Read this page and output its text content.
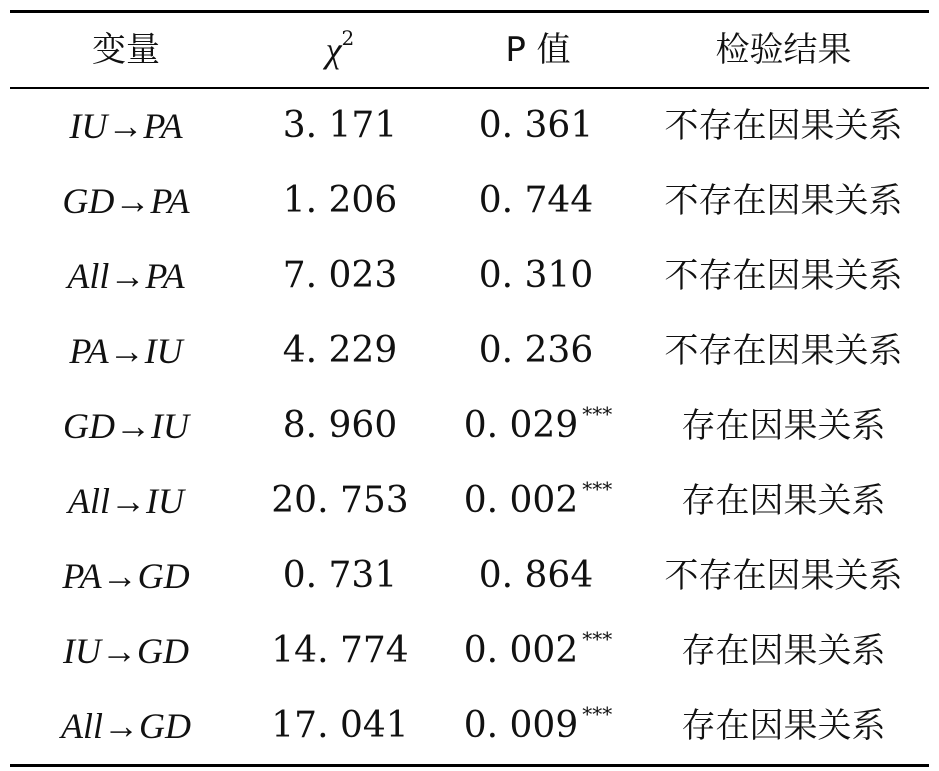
变量	$\chi^2$	P 值	检验结果
IU→PA	3. 171	0. 361	不存在因果关系
GD→PA	1. 206	0. 744	不存在因果关系
All→PA	7. 023	0. 310	不存在因果关系
PA→IU	4. 229	0. 236	不存在因果关系
GD→IU	8. 960	0. 029 ***	存在因果关系
All→IU	20. 753	0. 002 ***	存在因果关系
PA→GD	0. 731	0. 864	不存在因果关系
IU→GD	14. 774	0. 002 ***	存在因果关系
All→GD	17. 041	0. 009 ***	存在因果关系
